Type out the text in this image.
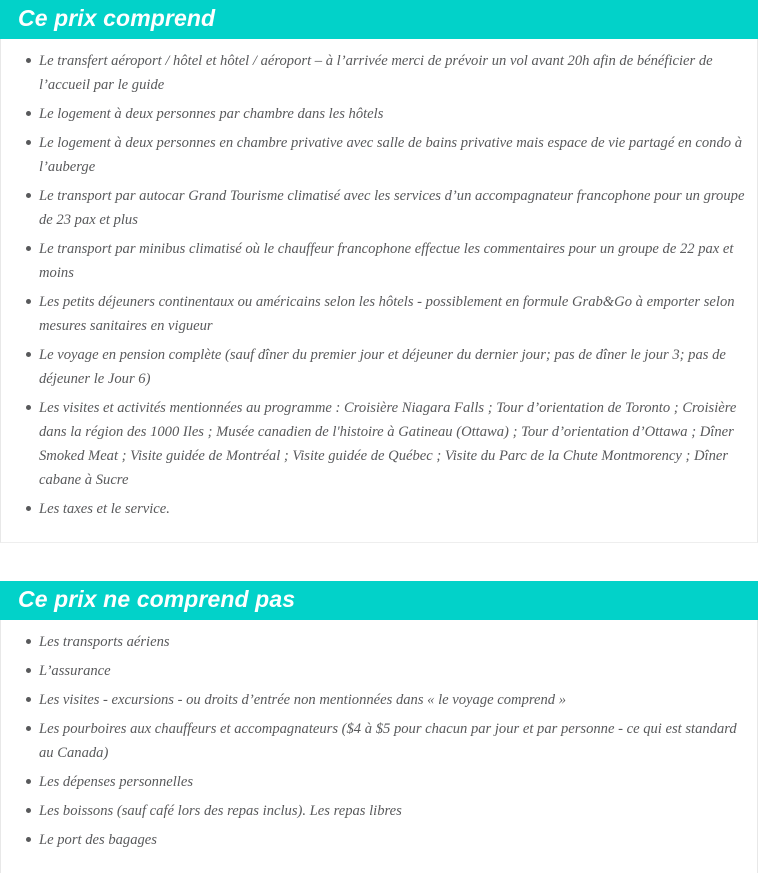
Ce prix comprend
Le transfert aéroport / hôtel et hôtel / aéroport – à l’arrivée merci de prévoir un vol avant 20h afin de bénéficier de l’accueil par le guide
Le logement à deux personnes par chambre dans les hôtels
Le logement à deux personnes en chambre privative avec salle de bains privative mais espace de vie partagé en condo à l’auberge
Le transport par autocar Grand Tourisme climatisé avec les services d’un accompagnateur francophone pour un groupe de 23 pax et plus
Le transport par minibus climatisé où le chauffeur francophone effectue les commentaires pour un groupe de 22 pax et moins
Les petits déjeuners continentaux ou américains selon les hôtels - possiblement en formule Grab&Go à emporter selon mesures sanitaires en vigueur
Le voyage en pension complète (sauf dîner du premier jour et déjeuner du dernier jour; pas de dîner le jour 3; pas de déjeuner le Jour 6)
Les visites et activités mentionnées au programme : Croisière Niagara Falls ; Tour d’orientation de Toronto ; Croisière dans la région des 1000 Iles ; Musée canadien de l'histoire à Gatineau (Ottawa) ; Tour d’orientation d’Ottawa ; Dîner Smoked Meat ; Visite guidée de Montréal ; Visite guidée de Québec ; Visite du Parc de la Chute Montmorency ; Dîner cabane à Sucre
Les taxes et le service.
Ce prix ne comprend pas
Les transports aériens
L’assurance
Les visites - excursions - ou droits d’entrée non mentionnées dans « le voyage comprend »
Les pourboires aux chauffeurs et accompagnateurs ($4 à $5 pour chacun par jour et par personne - ce qui est standard au Canada)
Les dépenses personnelles
Les boissons (sauf café lors des repas inclus). Les repas libres
Le port des bagages
